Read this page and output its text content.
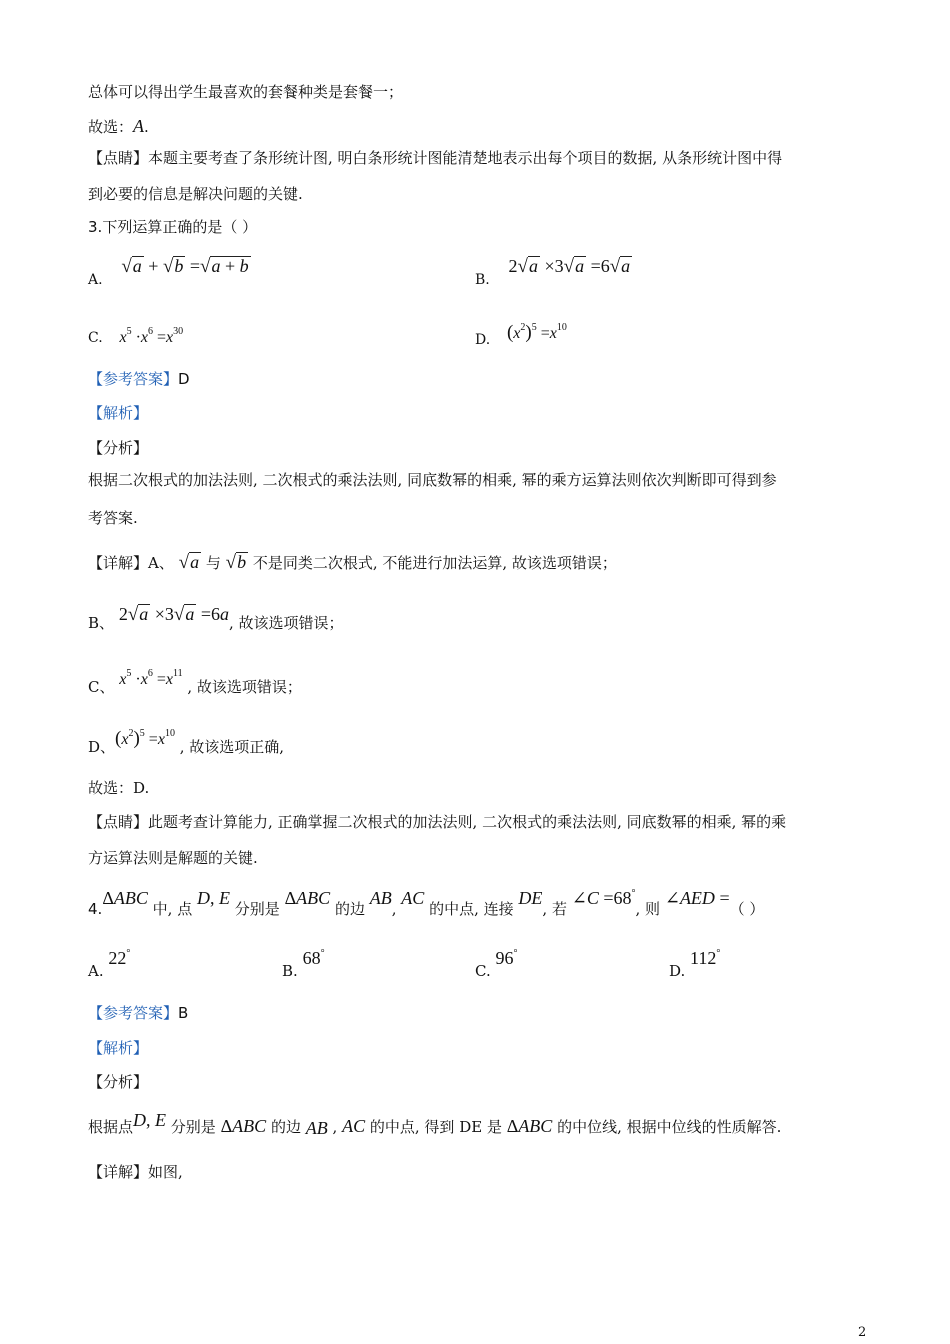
总体可以得出学生最喜欢的套餐种类是套餐一；
故选：A.
【点睛】本题主要考查了条形统计图, 明白条形统计图能清楚地表示出每个项目的数据, 从条形统计图中得
到必要的信息是解决问题的关键.
3.下列运算正确的是（ ）
A. √a + √b =√a + b
B. 2√a ×3√a =6√a
C. $x^5 \cdot x^6 =x^{30}$
D. $(x^2)^5 =x^{10}$
【参考答案】D
【解析】
【分析】
根据二次根式的加法法则, 二次根式的乘法法则, 同底数幂的相乘, 幂的乘方运算法则依次判断即可得到参
考答案.
【详解】A、 √a 与 √b 不是同类二次根式, 不能进行加法运算, 故该选项错误；
B、 2√a ×3√a =6a, 故该选项错误；
C、 $x^5 \cdot x^6 =x^{11}$ , 故该选项错误；
D、$(x^2)^5 =x^{10}$ , 故该选项正确,
故选：D.
【点睛】此题考查计算能力, 正确掌握二次根式的加法法则, 二次根式的乘法法则, 同底数幂的相乘, 幂的乘
方运算法则是解题的关键.
4.ΔABC 中, 点 D, E 分别是 ΔABC 的边 AB, AC 的中点, 连接 DE, 若 ∠C =68°, 则 ∠AED =（ ）
A. 22°
B. 68°
C. 96°
D. 112°
【参考答案】B
【解析】
【分析】
根据点D, E 分别是 ΔABC 的边 AB , AC 的中点, 得到 DE 是 ΔABC 的中位线, 根据中位线的性质解答.
【详解】如图,
2
